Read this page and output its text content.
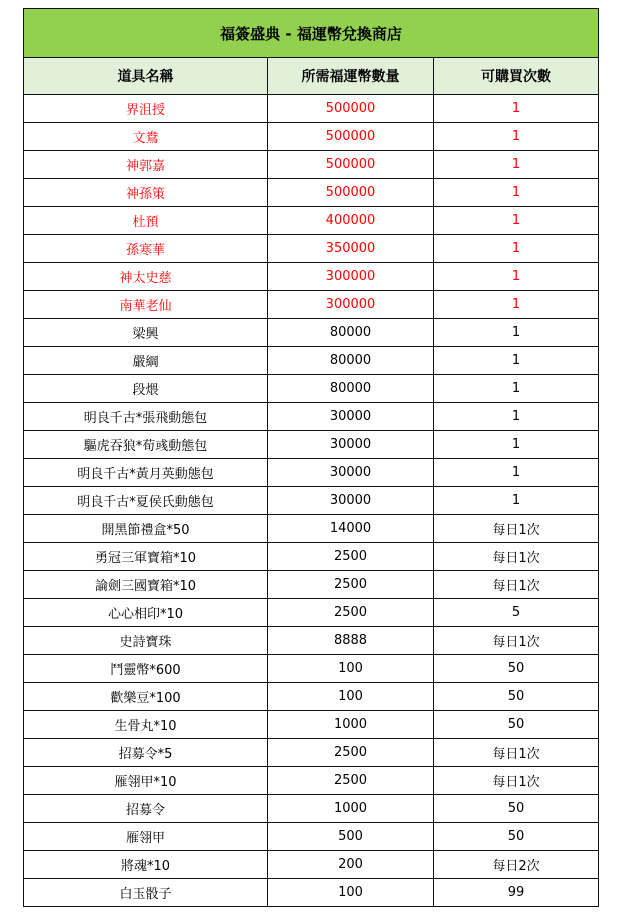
福簽盛典 - 福運幣兌換商店		
道具名稱	所需福運幣數量	可購買次數
界沮授	500000	1
文鴦	500000	1
神郭嘉	500000	1
神孫策	500000	1
杜預	400000	1
孫寒華	350000	1
神太史慈	300000	1
南華老仙	300000	1
梁興	80000	1
嚴綱	80000	1
段煨	80000	1
明良千古*張飛動態包	30000	1
驅虎吞狼*荀彧動態包	30000	1
明良千古*黃月英動態包	30000	1
明良千古*夏侯氏動態包	30000	1
開黑節禮盒*50	14000	每日1次
勇冠三軍寶箱*10	2500	每日1次
論劍三國寶箱*10	2500	每日1次
心心相印*10	2500	5
史詩寶珠	8888	每日1次
鬥靈幣*600	100	50
歡樂豆*100	100	50
生骨丸*10	1000	50
招募令*5	2500	每日1次
雁翎甲*10	2500	每日1次
招募令	1000	50
雁翎甲	500	50
將魂*10	200	每日2次
白玉骰子	100	99
